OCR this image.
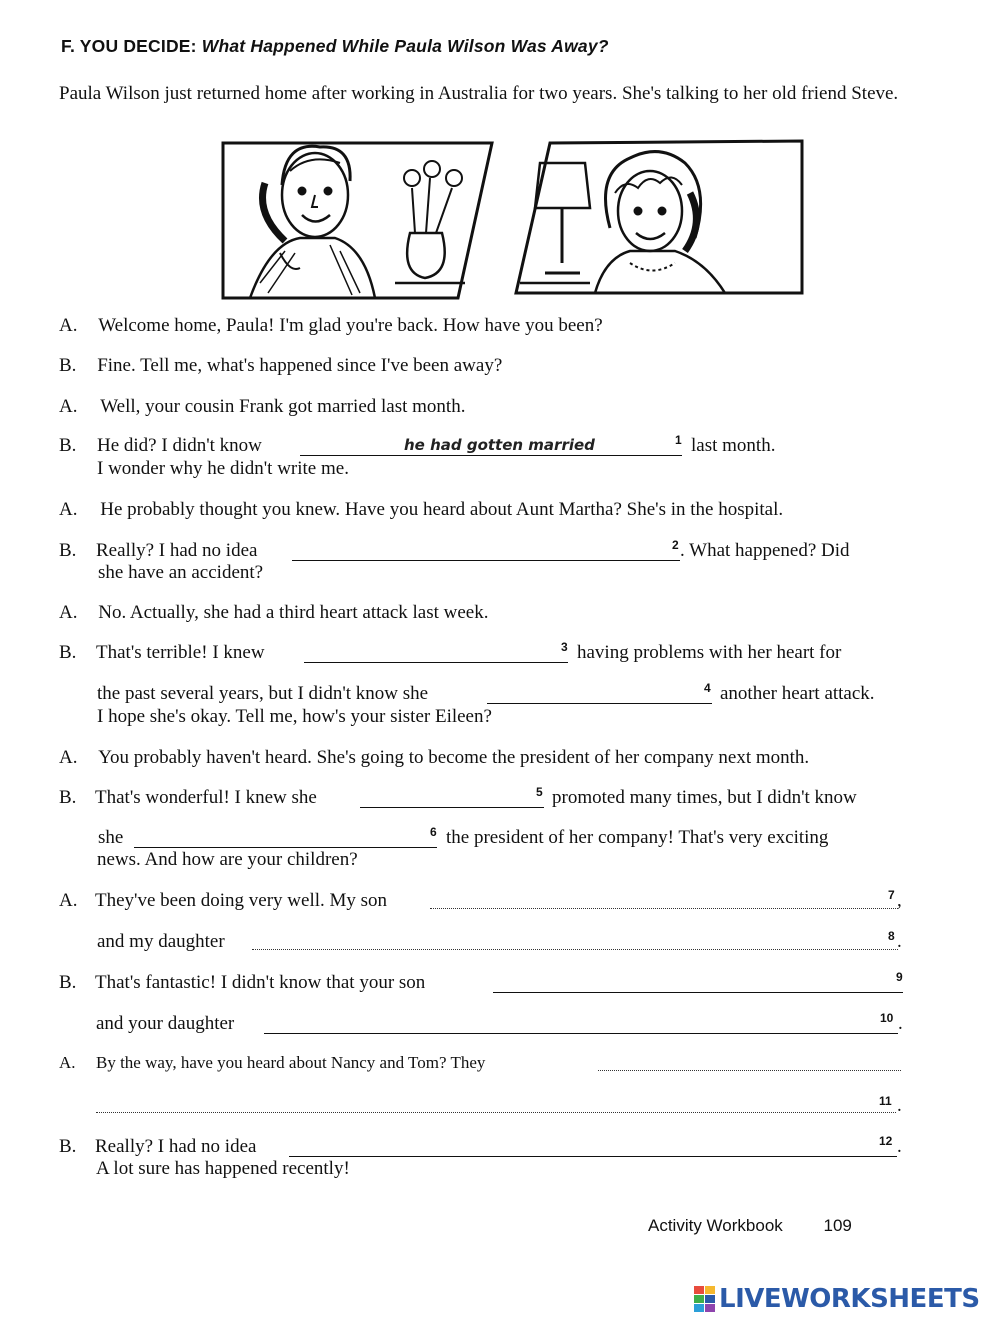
F. YOU DECIDE: What Happened While Paula Wilson Was Away?
Paula Wilson just returned home after working in Australia for two years. She's talking to her old friend Steve.
A. Welcome home, Paula! I'm glad you're back. How have you been?
B. Fine. Tell me, what's happened since I've been away?
A. Well, your cousin Frank got married last month.
B. He did? I didn't know	he had gotten married	1 last month.
I wonder why he didn't write me.
A. He probably thought you knew. Have you heard about Aunt Martha? She's in the hospital.
B. Really? I had no idea	2 . What happened? Did
she have an accident?
A. No. Actually, she had a third heart attack last week.
B. That's terrible! I knew	3 having problems with her heart for
the past several years, but I didn't know she	4 another heart attack.
I hope she's okay. Tell me, how's your sister Eileen?
A. You probably haven't heard. She's going to become the president of her company next month.
B. That's wonderful! I knew she	5 promoted many times, but I didn't know
she	6 the president of her company! That's very exciting
news. And how are your children?
A. They've been doing very well. My son	7 ,
and my daughter	8 .
B. That's fantastic! I didn't know that your son	9
and your daughter	10 .
A. By the way, have you heard about Nancy and Tom? They
11 .
B. Really? I had no idea	12 .
A lot sure has happened recently!
Activity Workbook 109
LIVEWORKSHEETS
